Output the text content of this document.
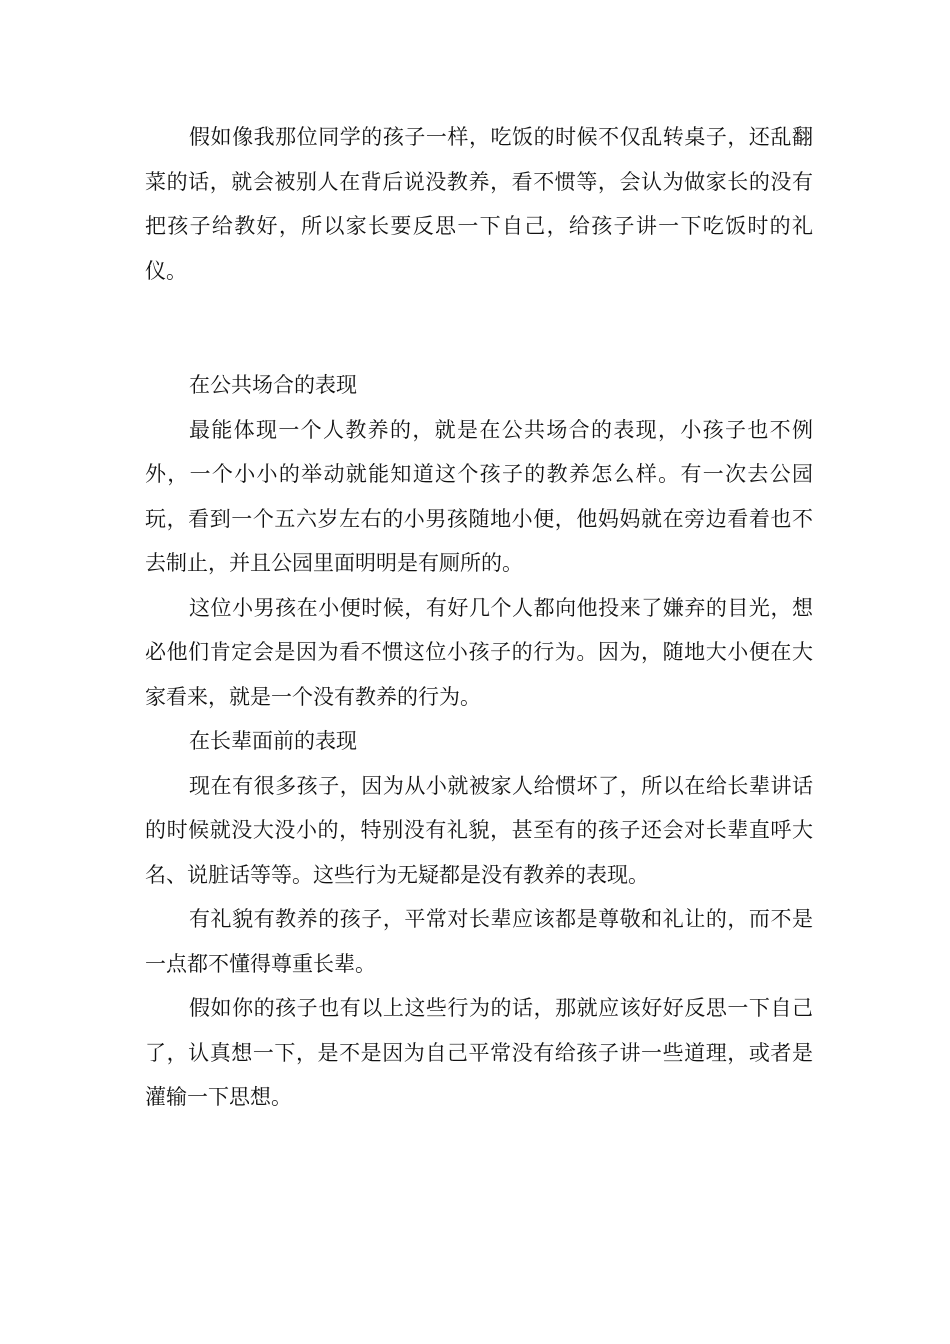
假如像我那位同学的孩子一样，吃饭的时候不仅乱转桌子，还乱翻菜的话，就会被别人在背后说没教养，看不惯等，会认为做家长的没有把孩子给教好，所以家长要反思一下自己，给孩子讲一下吃饭时的礼仪。

在公共场合的表现

最能体现一个人教养的，就是在公共场合的表现，小孩子也不例外，一个小小的举动就能知道这个孩子的教养怎么样。有一次去公园玩，看到一个五六岁左右的小男孩随地小便，他妈妈就在旁边看着也不去制止，并且公园里面明明是有厕所的。

这位小男孩在小便时候，有好几个人都向他投来了嫌弃的目光，想必他们肯定会是因为看不惯这位小孩子的行为。因为，随地大小便在大家看来，就是一个没有教养的行为。

在长辈面前的表现

现在有很多孩子，因为从小就被家人给惯坏了，所以在给长辈讲话的时候就没大没小的，特别没有礼貌，甚至有的孩子还会对长辈直呼大名、说脏话等等。这些行为无疑都是没有教养的表现。

有礼貌有教养的孩子，平常对长辈应该都是尊敬和礼让的，而不是一点都不懂得尊重长辈。

假如你的孩子也有以上这些行为的话，那就应该好好反思一下自己了，认真想一下，是不是因为自己平常没有给孩子讲一些道理，或者是灌输一下思想。
